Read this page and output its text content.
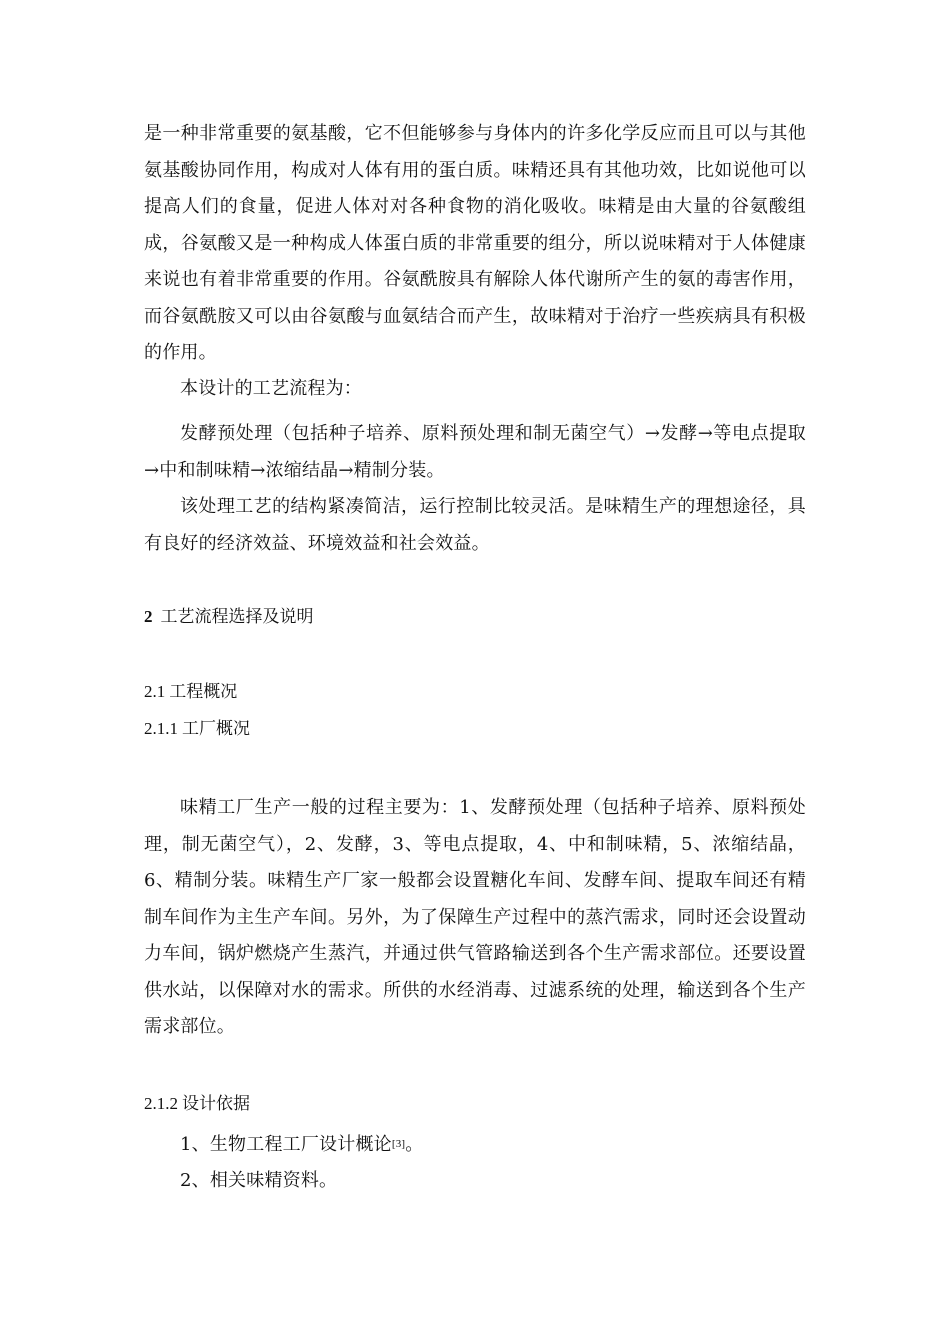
是一种非常重要的氨基酸，它不但能够参与身体内的许多化学反应而且可以与其他氨基酸协同作用，构成对人体有用的蛋白质。味精还具有其他功效，比如说他可以提高人们的食量，促进人体对对各种食物的消化吸收。味精是由大量的谷氨酸组成，谷氨酸又是一种构成人体蛋白质的非常重要的组分，所以说味精对于人体健康来说也有着非常重要的作用。谷氨酰胺具有解除人体代谢所产生的氨的毒害作用，而谷氨酰胺又可以由谷氨酸与血氨结合而产生，故味精对于治疗一些疾病具有积极的作用。

本设计的工艺流程为：

发酵预处理（包括种子培养、原料预处理和制无菌空气）→发酵→等电点提取→中和制味精→浓缩结晶→精制分装。

该处理工艺的结构紧凑简洁，运行控制比较灵活。是味精生产的理想途径，具有良好的经济效益、环境效益和社会效益。

2 工艺流程选择及说明

2.1 工程概况

2.1.1 工厂概况

味精工厂生产一般的过程主要为：1、发酵预处理（包括种子培养、原料预处理，制无菌空气），2、发酵，3、等电点提取，4、中和制味精，5、浓缩结晶，6、精制分装。味精生产厂家一般都会设置糖化车间、发酵车间、提取车间还有精制车间作为主生产车间。另外，为了保障生产过程中的蒸汽需求，同时还会设置动力车间，锅炉燃烧产生蒸汽，并通过供气管路输送到各个生产需求部位。还要设置供水站，以保障对水的需求。所供的水经消毒、过滤系统的处理，输送到各个生产需求部位。

2.1.2 设计依据

1、生物工程工厂设计概论[3]。

2、相关味精资料。
